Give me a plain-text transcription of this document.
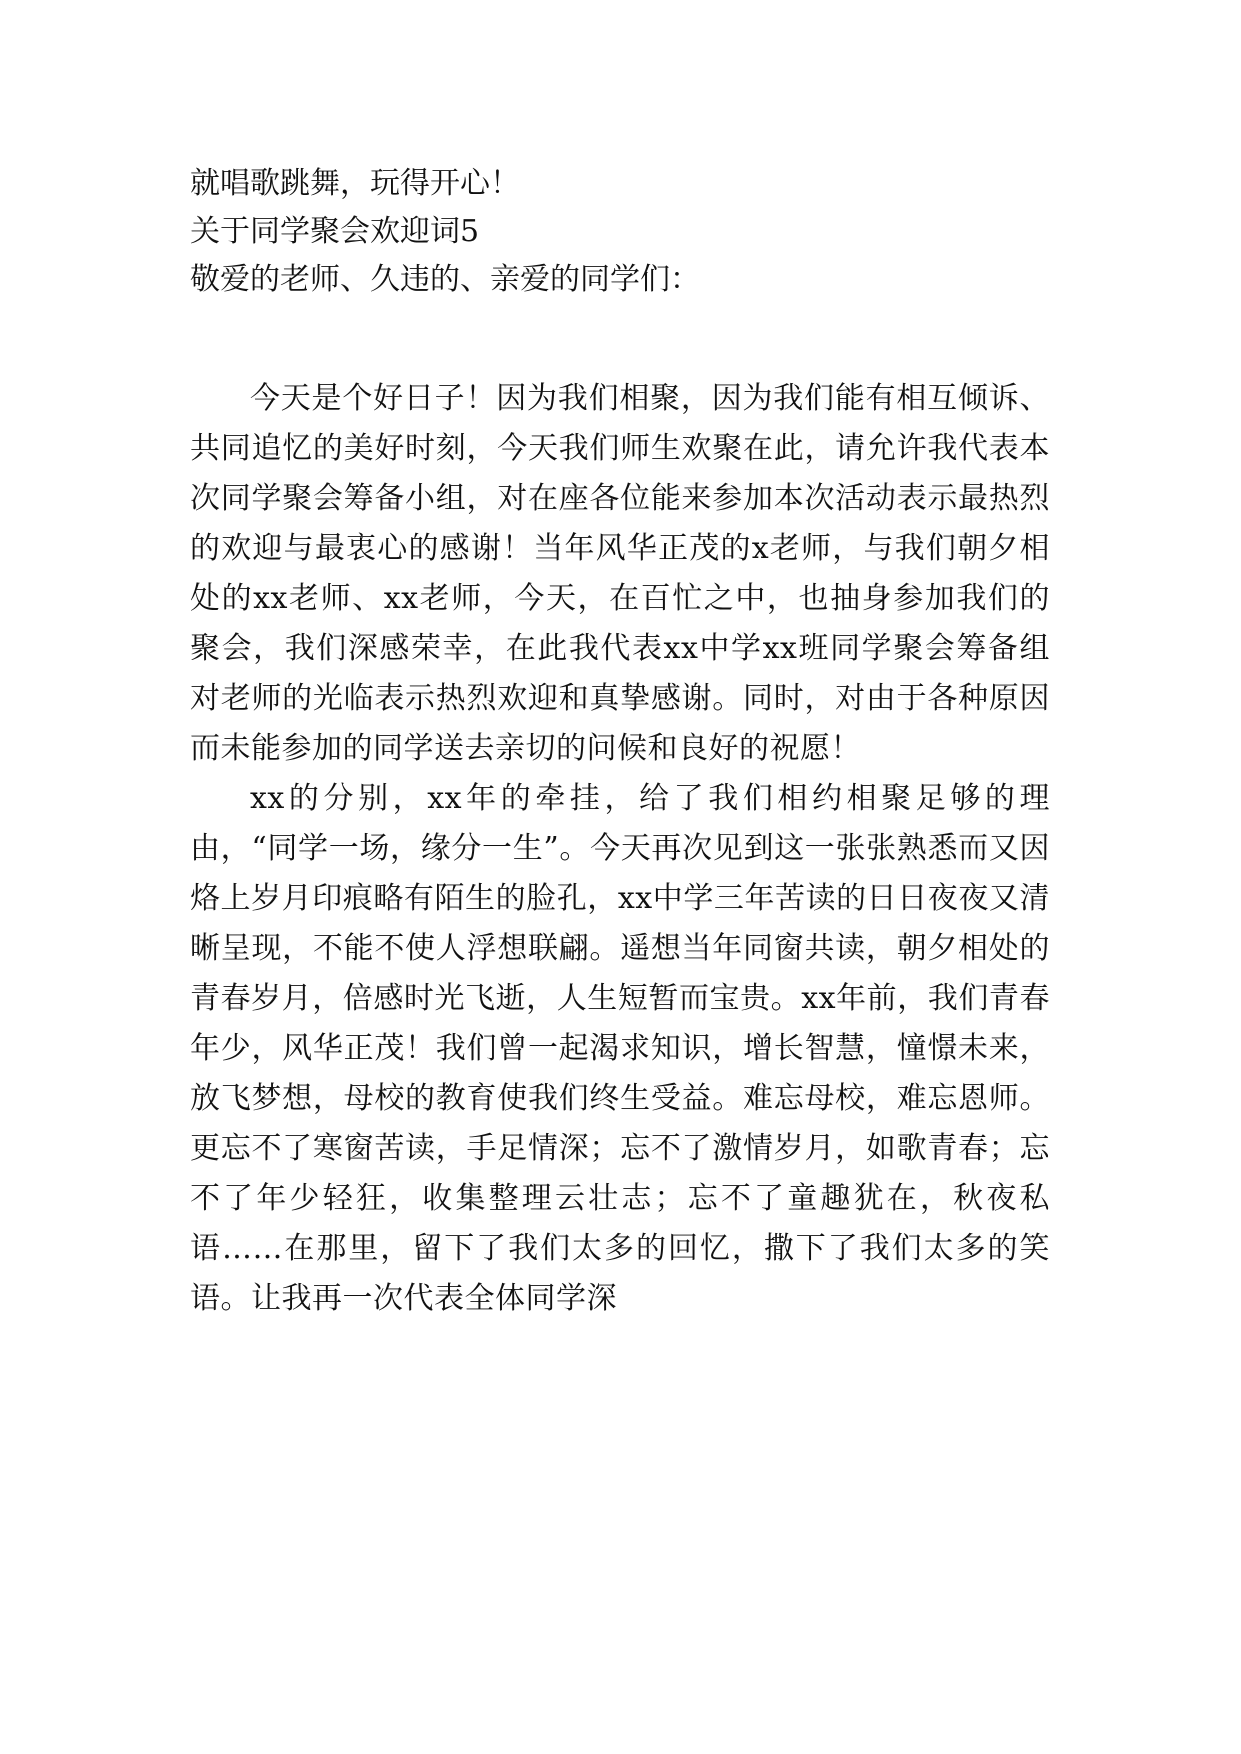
就唱歌跳舞，玩得开心！

关于同学聚会欢迎词5

敬爱的老师、久违的、亲爱的同学们：

今天是个好日子！因为我们相聚，因为我们能有相互倾诉、共同追忆的美好时刻，今天我们师生欢聚在此，请允许我代表本次同学聚会筹备小组，对在座各位能来参加本次活动表示最热烈的欢迎与最衷心的感谢！当年风华正茂的x老师，与我们朝夕相处的xx老师、xx老师，今天，在百忙之中，也抽身参加我们的聚会，我们深感荣幸，在此我代表xx中学xx班同学聚会筹备组对老师的光临表示热烈欢迎和真挚感谢。同时，对由于各种原因而未能参加的同学送去亲切的问候和良好的祝愿！

xx的分别，xx年的牵挂，给了我们相约相聚足够的理由，“同学一场，缘分一生”。今天再次见到这一张张熟悉而又因烙上岁月印痕略有陌生的脸孔，xx中学三年苦读的日日夜夜又清晰呈现，不能不使人浮想联翩。遥想当年同窗共读，朝夕相处的青春岁月，倍感时光飞逝，人生短暂而宝贵。xx年前，我们青春年少，风华正茂！我们曾一起渴求知识，增长智慧，憧憬未来，放飞梦想，母校的教育使我们终生受益。难忘母校，难忘恩师。更忘不了寒窗苦读，手足情深；忘不了激情岁月，如歌青春；忘不了年少轻狂，收集整理云壮志；忘不了童趣犹在，秋夜私语……在那里，留下了我们太多的回忆，撒下了我们太多的笑语。让我再一次代表全体同学深
